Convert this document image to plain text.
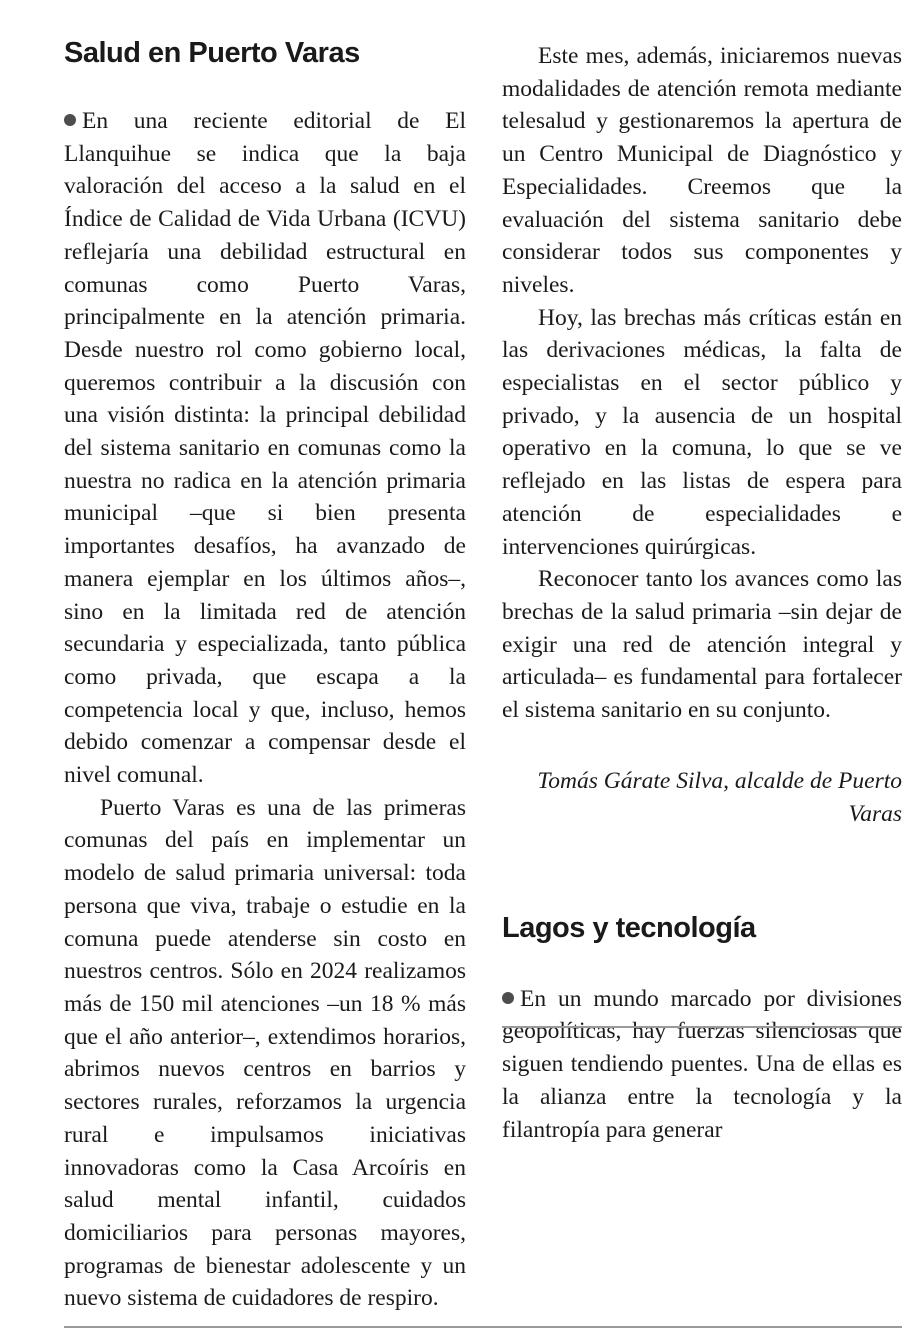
Salud en Puerto Varas

En una reciente editorial de El Llanquihue se indica que la baja valoración del acceso a la salud en el Índice de Calidad de Vida Urbana (ICVU) reflejaría una debilidad estructural en comunas como Puerto Varas, principalmente en la atención primaria. Desde nuestro rol como gobierno local, queremos contribuir a la discusión con una visión distinta: la principal debilidad del sistema sanitario en comunas como la nuestra no radica en la atención primaria municipal –que si bien presenta importantes desafíos, ha avanzado de manera ejemplar en los últimos años–, sino en la limitada red de atención secundaria y especializada, tanto pública como privada, que escapa a la competencia local y que, incluso, hemos debido comenzar a compensar desde el nivel comunal.

Puerto Varas es una de las primeras comunas del país en implementar un modelo de salud primaria universal: toda persona que viva, trabaje o estudie en la comuna puede atenderse sin costo en nuestros centros. Sólo en 2024 realizamos más de 150 mil atenciones –un 18 % más que el año anterior–, extendimos horarios, abrimos nuevos centros en barrios y sectores rurales, reforzamos la urgencia rural e impulsamos iniciativas innovadoras como la Casa Arcoíris en salud mental infantil, cuidados domiciliarios para personas mayores, programas de bienestar adolescente y un nuevo sistema de cuidadores de respiro.

Este mes, además, iniciaremos nuevas modalidades de atención remota mediante telesalud y gestionaremos la apertura de un Centro Municipal de Diagnóstico y Especialidades. Creemos que la evaluación del sistema sanitario debe considerar todos sus componentes y niveles.

Hoy, las brechas más críticas están en las derivaciones médicas, la falta de especialistas en el sector público y privado, y la ausencia de un hospital operativo en la comuna, lo que se ve reflejado en las listas de espera para atención de especialidades e intervenciones quirúrgicas.

Reconocer tanto los avances como las brechas de la salud primaria –sin dejar de exigir una red de atención integral y articulada– es fundamental para fortalecer el sistema sanitario en su conjunto.

Tomás Gárate Silva, alcalde de Puerto Varas

Lagos y tecnología

En un mundo marcado por divisiones geopolíticas, hay fuerzas silenciosas que siguen tendiendo puentes. Una de ellas es la alianza entre la tecnología y la filantropía para generar
